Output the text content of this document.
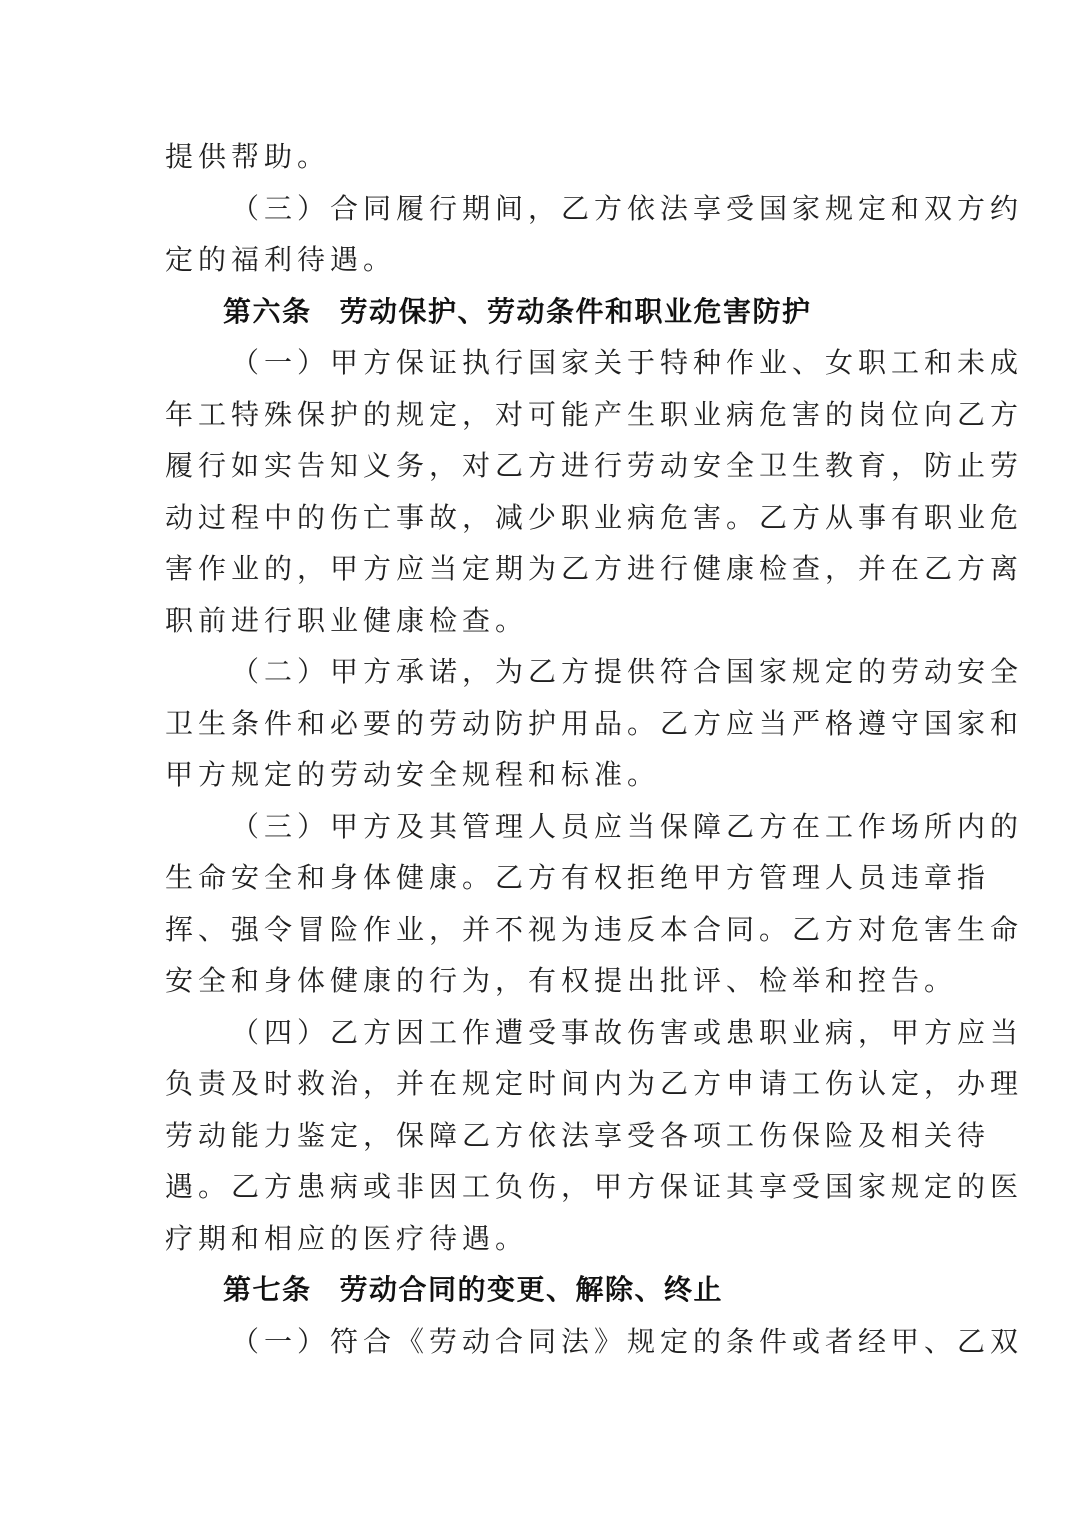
提供帮助。
（三）合同履行期间，乙方依法享受国家规定和双方约
定的福利待遇。
第六条 劳动保护、劳动条件和职业危害防护
（一）甲方保证执行国家关于特种作业、女职工和未成
年工特殊保护的规定，对可能产生职业病危害的岗位向乙方
履行如实告知义务，对乙方进行劳动安全卫生教育，防止劳
动过程中的伤亡事故，减少职业病危害。乙方从事有职业危
害作业的，甲方应当定期为乙方进行健康检查，并在乙方离
职前进行职业健康检查。
（二）甲方承诺，为乙方提供符合国家规定的劳动安全
卫生条件和必要的劳动防护用品。乙方应当严格遵守国家和
甲方规定的劳动安全规程和标准。
（三）甲方及其管理人员应当保障乙方在工作场所内的
生命安全和身体健康。乙方有权拒绝甲方管理人员违章指
挥、强令冒险作业，并不视为违反本合同。乙方对危害生命
安全和身体健康的行为，有权提出批评、检举和控告。
（四）乙方因工作遭受事故伤害或患职业病，甲方应当
负责及时救治，并在规定时间内为乙方申请工伤认定，办理
劳动能力鉴定，保障乙方依法享受各项工伤保险及相关待
遇。乙方患病或非因工负伤，甲方保证其享受国家规定的医
疗期和相应的医疗待遇。
第七条 劳动合同的变更、解除、终止
（一）符合《劳动合同法》规定的条件或者经甲、乙双
